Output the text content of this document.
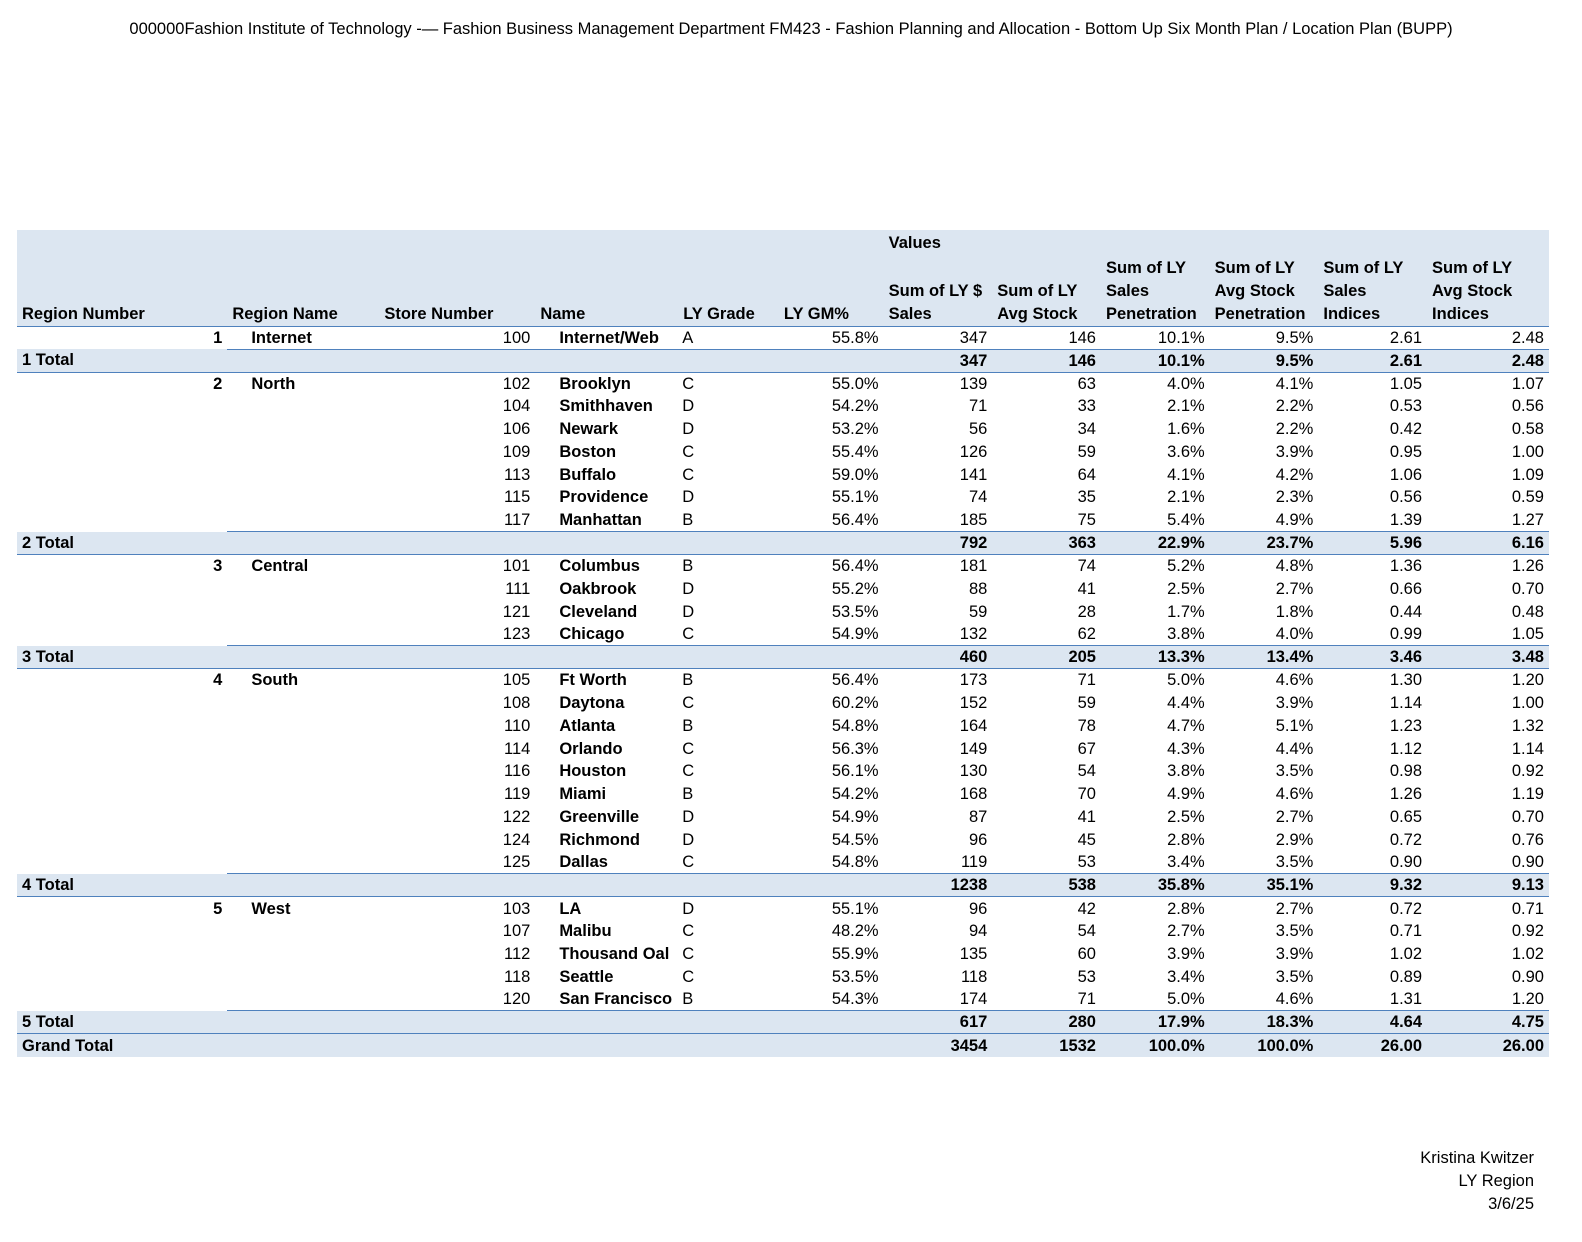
000000Fashion Institute of Technology -— Fashion Business Management Department FM423 - Fashion Planning and Allocation - Bottom Up Six Month Plan / Location Plan (BUPP)
						Values					
Region Number	Region Name	Store Number	Name	LY Grade	LY GM%	Sum of LY $ Sales	Sum of LY Avg Stock	Sum of LY Sales Penetration	Sum of LY Avg Stock Penetration	Sum of LY Sales Indices	Sum of LY Avg Stock Indices
1	Internet	100	Internet/Web	A	55.8%	347	146	10.1%	9.5%	2.61	2.48
1 Total						347	146	10.1%	9.5%	2.61	2.48
2	North	102	Brooklyn	C	55.0%	139	63	4.0%	4.1%	1.05	1.07
		104	Smithhaven	D	54.2%	71	33	2.1%	2.2%	0.53	0.56
		106	Newark	D	53.2%	56	34	1.6%	2.2%	0.42	0.58
		109	Boston	C	55.4%	126	59	3.6%	3.9%	0.95	1.00
		113	Buffalo	C	59.0%	141	64	4.1%	4.2%	1.06	1.09
		115	Providence	D	55.1%	74	35	2.1%	2.3%	0.56	0.59
		117	Manhattan	B	56.4%	185	75	5.4%	4.9%	1.39	1.27
2 Total						792	363	22.9%	23.7%	5.96	6.16
3	Central	101	Columbus	B	56.4%	181	74	5.2%	4.8%	1.36	1.26
		111	Oakbrook	D	55.2%	88	41	2.5%	2.7%	0.66	0.70
		121	Cleveland	D	53.5%	59	28	1.7%	1.8%	0.44	0.48
		123	Chicago	C	54.9%	132	62	3.8%	4.0%	0.99	1.05
3 Total						460	205	13.3%	13.4%	3.46	3.48
4	South	105	Ft Worth	B	56.4%	173	71	5.0%	4.6%	1.30	1.20
		108	Daytona	C	60.2%	152	59	4.4%	3.9%	1.14	1.00
		110	Atlanta	B	54.8%	164	78	4.7%	5.1%	1.23	1.32
		114	Orlando	C	56.3%	149	67	4.3%	4.4%	1.12	1.14
		116	Houston	C	56.1%	130	54	3.8%	3.5%	0.98	0.92
		119	Miami	B	54.2%	168	70	4.9%	4.6%	1.26	1.19
		122	Greenville	D	54.9%	87	41	2.5%	2.7%	0.65	0.70
		124	Richmond	D	54.5%	96	45	2.8%	2.9%	0.72	0.76
		125	Dallas	C	54.8%	119	53	3.4%	3.5%	0.90	0.90
4 Total						1238	538	35.8%	35.1%	9.32	9.13
5	West	103	LA	D	55.1%	96	42	2.8%	2.7%	0.72	0.71
		107	Malibu	C	48.2%	94	54	2.7%	3.5%	0.71	0.92
		112	Thousand Oal	C	55.9%	135	60	3.9%	3.9%	1.02	1.02
		118	Seattle	C	53.5%	118	53	3.4%	3.5%	0.89	0.90
		120	San Francisco	B	54.3%	174	71	5.0%	4.6%	1.31	1.20
5 Total						617	280	17.9%	18.3%	4.64	4.75
Grand Total						3454	1532	100.0%	100.0%	26.00	26.00
Kristina Kwitzer
LY Region
3/6/25
